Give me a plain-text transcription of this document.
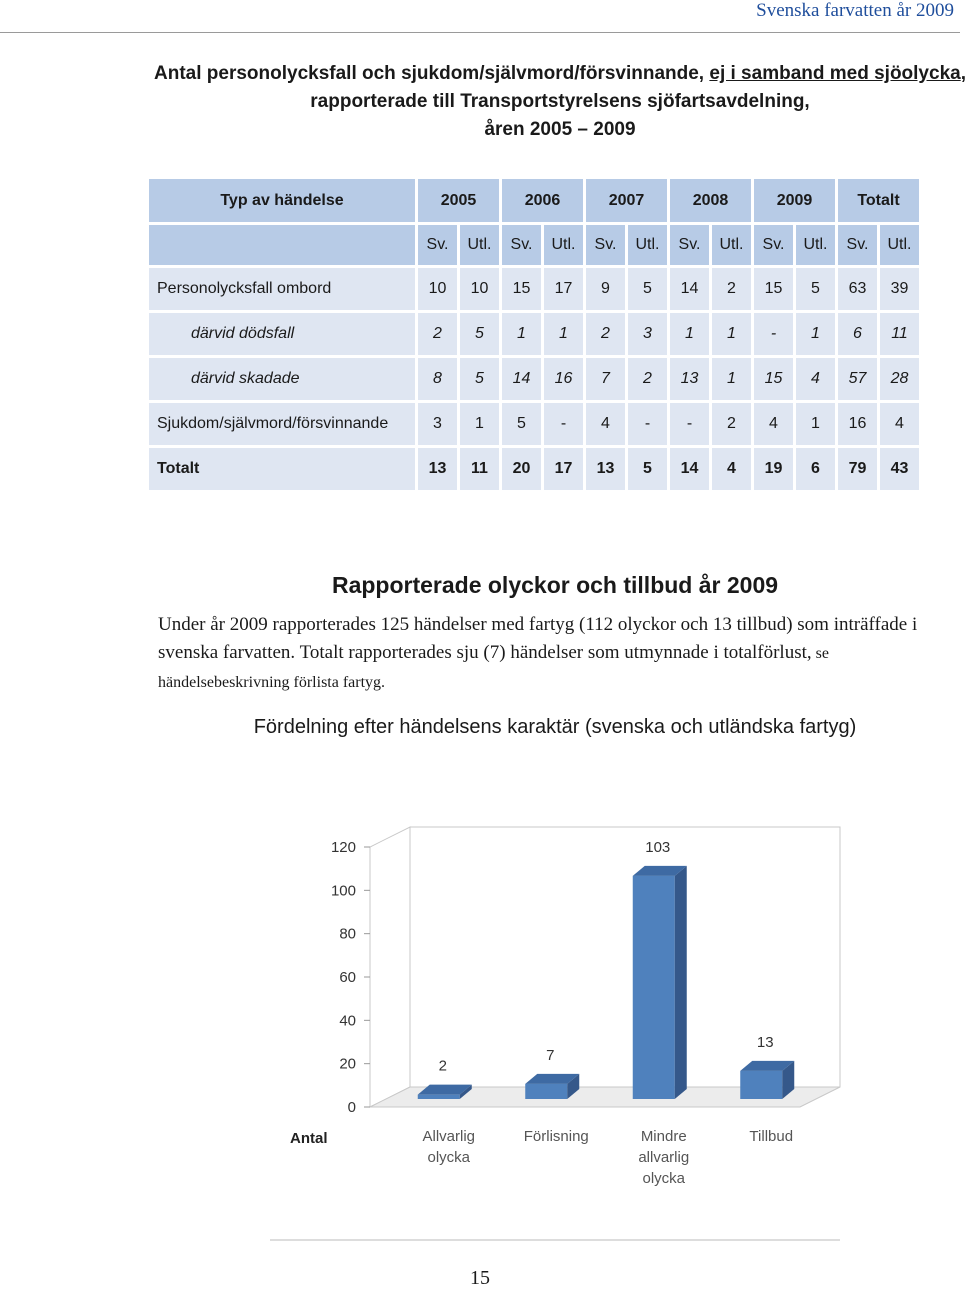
Svenska farvatten år 2009
Antal personolycksfall och sjukdom/självmord/försvinnande, ej i samband med sjöolycka, rapporterade till Transportstyrelsens sjöfartsavdelning,
åren 2005 – 2009
Typ av händelse	2005		2006		2007		2008		2009		Totalt	
	Sv.	Utl.	Sv.	Utl.	Sv.	Utl.	Sv.	Utl.	Sv.	Utl.	Sv.	Utl.
Personolycksfall ombord	10	10	15	17	9	5	14	2	15	5	63	39
därvid dödsfall	2	5	1	1	2	3	1	1	-	1	6	11
därvid skadade	8	5	14	16	7	2	13	1	15	4	57	28
Sjukdom/självmord/försvinnande	3	1	5	-	4	-	-	2	4	1	16	4
Totalt	13	11	20	17	13	5	14	4	19	6	79	43
Rapporterade olyckor och tillbud år 2009
Under år 2009 rapporterades 125 händelser med fartyg (112 olyckor och 13 tillbud) som inträffade i svenska farvatten. Totalt rapporterades sju (7) händelser som utmynnade i totalförlust, se händelsebeskrivning förlista fartyg.
Fördelning efter händelsens karaktär (svenska och utländska fartyg)
0
20
40
60
80
100
120
2
Allvarlig
olycka
7
Förlisning
103
Mindre
allvarlig
olycka
13
Tillbud
Antal
15
